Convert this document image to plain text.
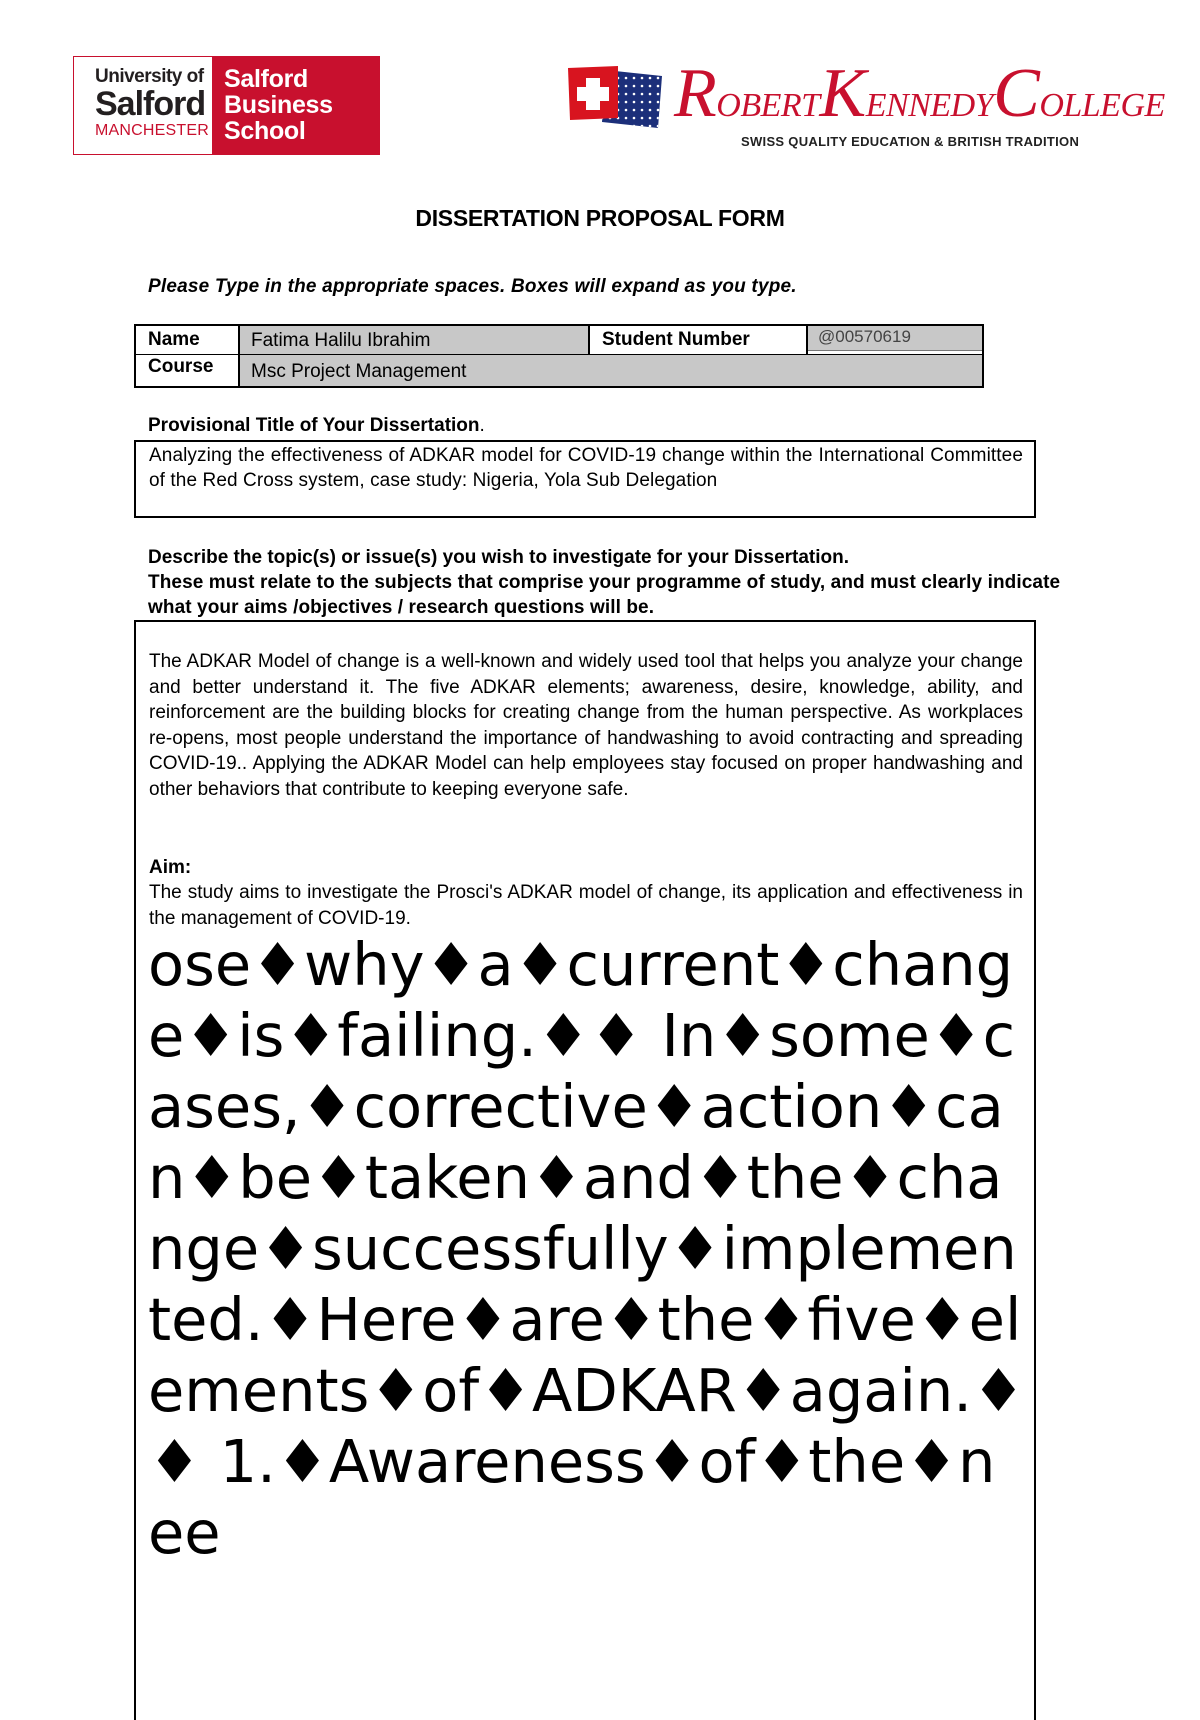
University of
Salford
MANCHESTER
Salford
Business
School	ROBERTKENNEDYCOLLEGE
SWISS QUALITY EDUCATION & BRITISH TRADITION
DISSERTATION PROPOSAL FORM
Please Type in the appropriate spaces. Boxes will expand as you type.
Name	Fatima Halilu Ibrahim	Student Number	@00570619
Course	Msc Project Management
Provisional Title of Your Dissertation.
Analyzing the effectiveness of ADKAR model for COVID-19 change within the International Committee of the Red Cross system, case study: Nigeria, Yola Sub Delegation
Describe the topic(s) or issue(s) you wish to investigate for your Dissertation.
These must relate to the subjects that comprise your programme of study, and must clearly indicate what your aims /objectives / research questions will be.
The ADKAR Model of change is a well-known and widely used tool that helps you analyze your change and better understand it. The five ADKAR elements; awareness, desire, knowledge, ability, and reinforcement are the building blocks for creating change from the human perspective. As workplaces re-opens, most people understand the importance of handwashing to avoid contracting and spreading COVID-19.. Applying the ADKAR Model can help employees stay focused on proper handwashing and other behaviors that contribute to keeping everyone safe.
Aim:
The study aims to investigate the Prosci's ADKAR model of change, its application and effectiveness in the management of COVID-19.
ose♦why♦a♦current♦change♦is♦failing.♦♦ In♦some♦cases,♦corrective♦action♦can♦be♦taken♦and♦the♦change♦successfully♦implemented.♦Here♦are♦the♦five♦elements♦of♦ADKAR♦again.♦♦ 1.♦Awareness♦of♦the♦nee
